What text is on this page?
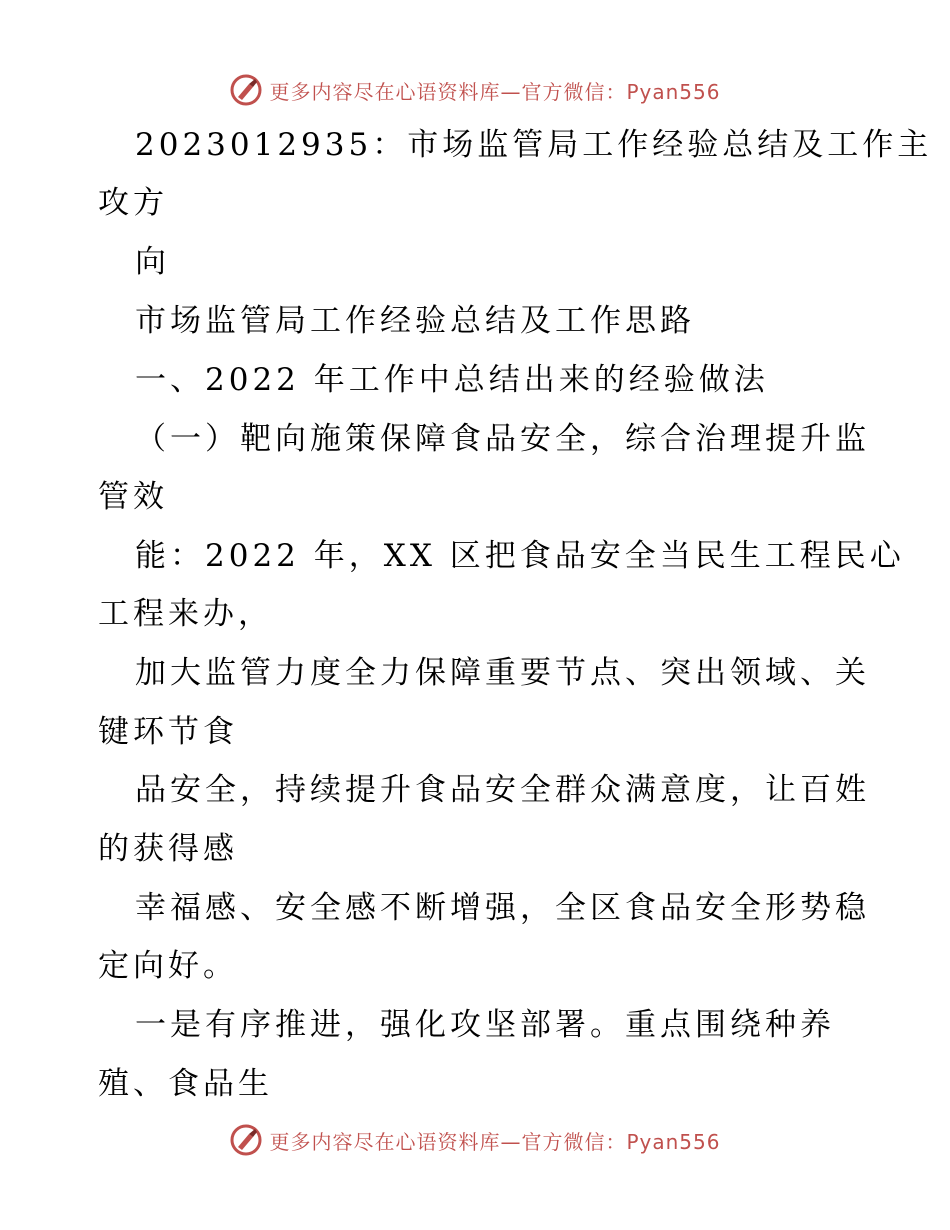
更多内容尽在心语资料库—官方微信：Pyan556
2023012935：市场监管局工作经验总结及工作主
攻方
向
市场监管局工作经验总结及工作思路
一、2022 年工作中总结出来的经验做法
（一）靶向施策保障食品安全，综合治理提升监
管效
能：2022 年，XX 区把食品安全当民生工程民心
工程来办，
加大监管力度全力保障重要节点、突出领域、关
键环节食
品安全，持续提升食品安全群众满意度，让百姓
的获得感
幸福感、安全感不断增强，全区食品安全形势稳
定向好。
一是有序推进，强化攻坚部署。重点围绕种养
殖、食品生
更多内容尽在心语资料库—官方微信：Pyan556
